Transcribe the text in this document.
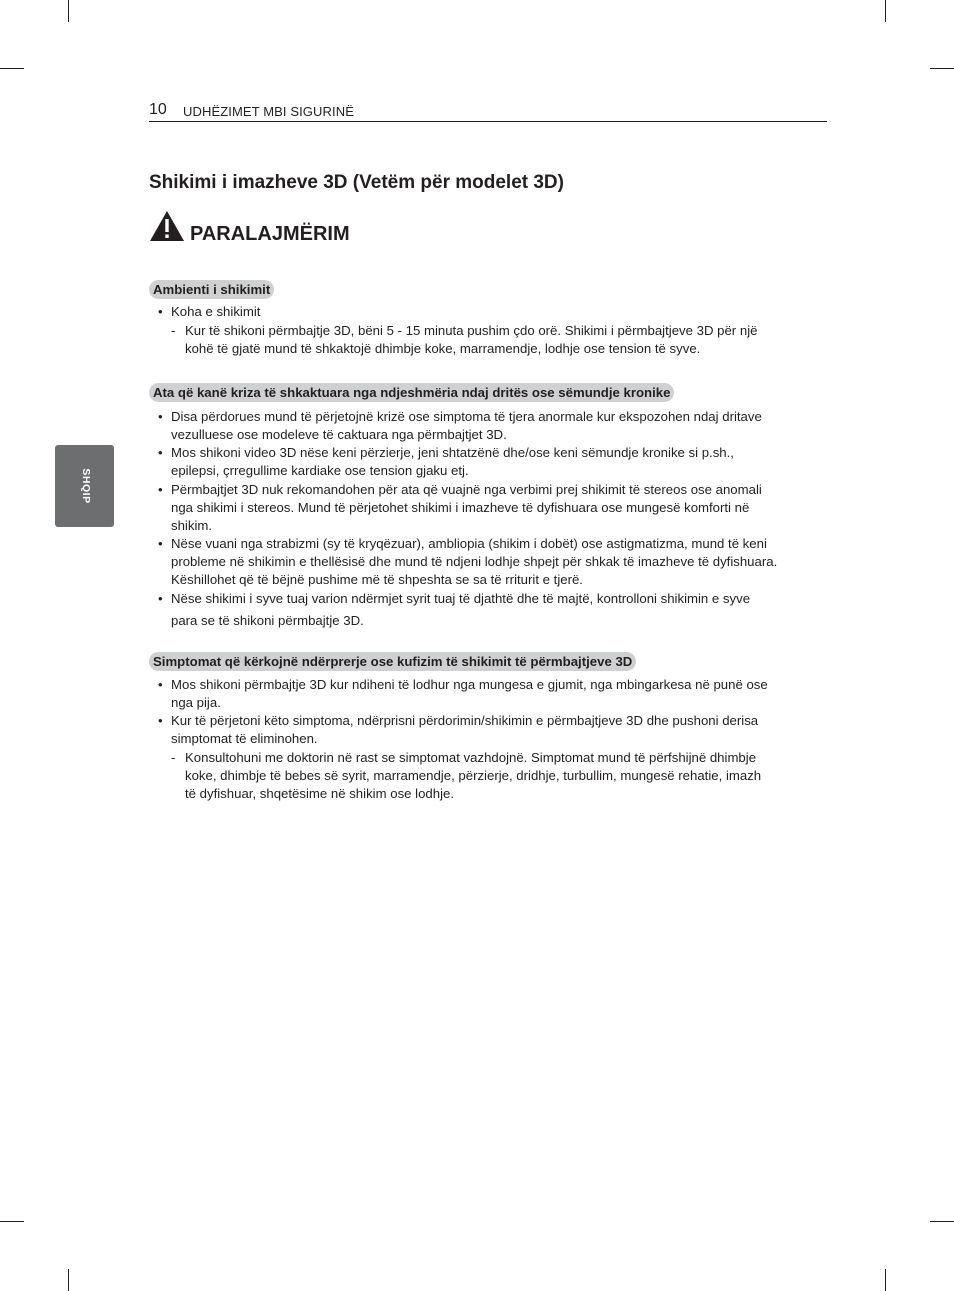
10 UDHËZIMET MBI SIGURINË
SHQIP
Shikimi i imazheve 3D (Vetëm për modelet 3D)
PARALAJMËRIM
Ambienti i shikimit
• Koha e shikimit
- Kur të shikoni përmbajtje 3D, bëni 5 - 15 minuta pushim çdo orë. Shikimi i përmbajtjeve 3D për një
kohë të gjatë mund të shkaktojë dhimbje koke, marramendje, lodhje ose tension të syve.
Ata që kanë kriza të shkaktuara nga ndjeshmëria ndaj dritës ose sëmundje kronike
• Disa përdorues mund të përjetojnë krizë ose simptoma të tjera anormale kur ekspozohen ndaj dritave
vezulluese ose modeleve të caktuara nga përmbajtjet 3D.
• Mos shikoni video 3D nëse keni përzierje, jeni shtatzënë dhe/ose keni sëmundje kronike si p.sh.,
epilepsi, çrregullime kardiake ose tension gjaku etj.
• Përmbajtjet 3D nuk rekomandohen për ata që vuajnë nga verbimi prej shikimit të stereos ose anomali
nga shikimi i stereos. Mund të përjetohet shikimi i imazheve të dyfishuara ose mungesë komforti në
shikim.
• Nëse vuani nga strabizmi (sy të kryqëzuar), ambliopia (shikim i dobët) ose astigmatizma, mund të keni
probleme në shikimin e thellësisë dhe mund të ndjeni lodhje shpejt për shkak të imazheve të dyfishuara.
Këshillohet që të bëjnë pushime më të shpeshta se sa të rriturit e tjerë.
• Nëse shikimi i syve tuaj varion ndërmjet syrit tuaj të djathtë dhe të majtë, kontrolloni shikimin e syve
para se të shikoni përmbajtje 3D.
Simptomat që kërkojnë ndërprerje ose kufizim të shikimit të përmbajtjeve 3D
• Mos shikoni përmbajtje 3D kur ndiheni të lodhur nga mungesa e gjumit, nga mbingarkesa në punë ose
nga pija.
• Kur të përjetoni këto simptoma, ndërprisni përdorimin/shikimin e përmbajtjeve 3D dhe pushoni derisa
simptomat të eliminohen.
- Konsultohuni me doktorin në rast se simptomat vazhdojnë. Simptomat mund të përfshijnë dhimbje
koke, dhimbje të bebes së syrit, marramendje, përzierje, dridhje, turbullim, mungesë rehatie, imazh
të dyfishuar, shqetësime në shikim ose lodhje.
